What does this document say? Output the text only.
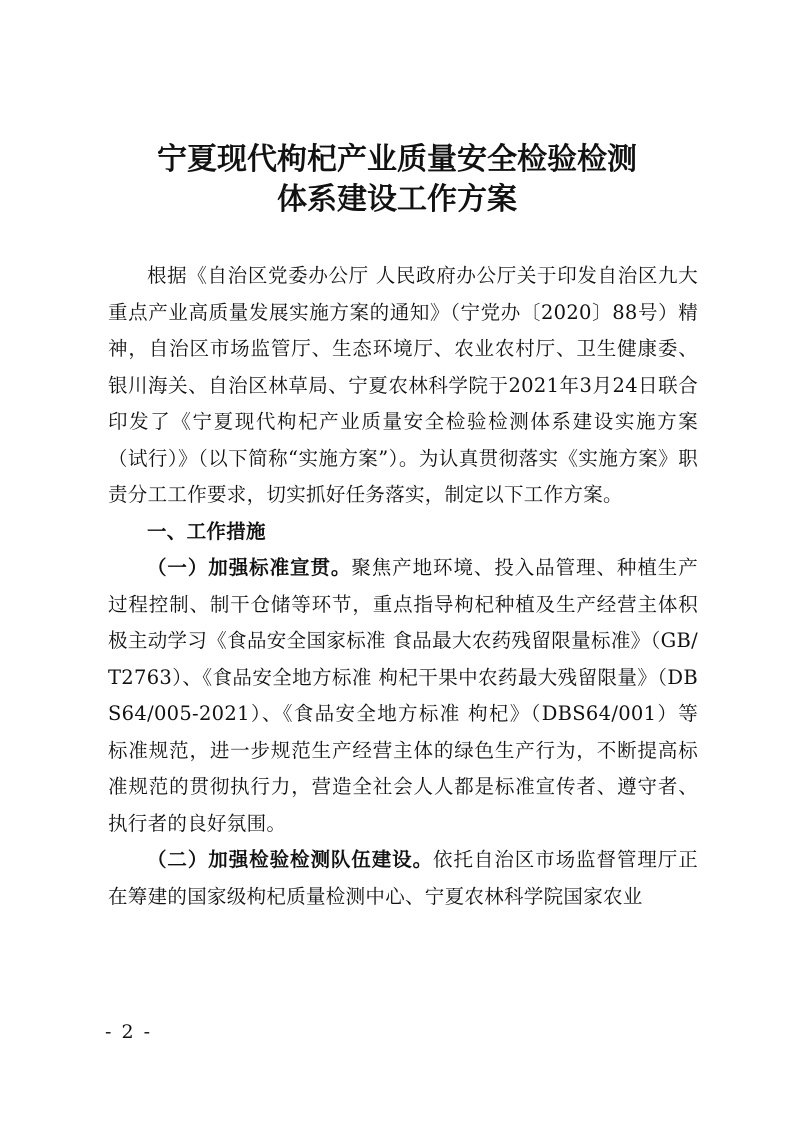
宁夏现代枸杞产业质量安全检验检测
体系建设工作方案

根据《自治区党委办公厅 人民政府办公厅关于印发自治区九大重点产业高质量发展实施方案的通知》（宁党办〔2020〕88号）精神，自治区市场监管厅、生态环境厅、农业农村厅、卫生健康委、银川海关、自治区林草局、宁夏农林科学院于2021年3月24日联合印发了《宁夏现代枸杞产业质量安全检验检测体系建设实施方案（试行）》（以下简称“实施方案”）。为认真贯彻落实《实施方案》职责分工工作要求，切实抓好任务落实，制定以下工作方案。

一、工作措施

（一）加强标准宣贯。聚焦产地环境、投入品管理、种植生产过程控制、制干仓储等环节，重点指导枸杞种植及生产经营主体积极主动学习《食品安全国家标准 食品最大农药残留限量标准》（GB/T2763）、《食品安全地方标准 枸杞干果中农药最大残留限量》（DBS64/005-2021）、《食品安全地方标准 枸杞》（DBS64/001）等标准规范，进一步规范生产经营主体的绿色生产行为，不断提高标准规范的贯彻执行力，营造全社会人人都是标准宣传者、遵守者、执行者的良好氛围。

（二）加强检验检测队伍建设。依托自治区市场监督管理厅正在筹建的国家级枸杞质量检测中心、宁夏农林科学院国家农业

- 2 -
